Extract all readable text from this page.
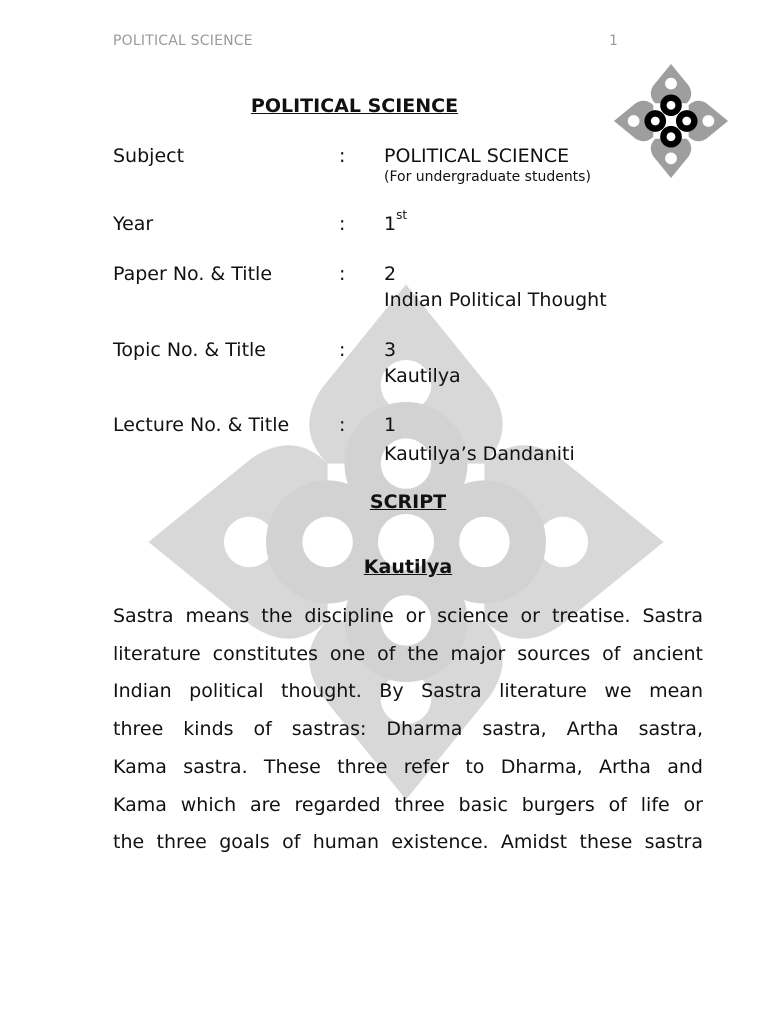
POLITICAL SCIENCE	1
POLITICAL SCIENCE
Subject	: POLITICAL SCIENCE
(For undergraduate students)
Year	: 1st
Paper No. & Title	: 2
Indian Political Thought
Topic No. & Title	: 3
Kautilya
Lecture No. & Title	: 1
Kautilya’s Dandaniti
SCRIPT
Kautilya
Sastra means the discipline or science or treatise. Sastra
literature constitutes one of the major sources of ancient
Indian political thought. By Sastra literature we mean
three kinds of sastras: Dharma sastra, Artha sastra,
Kama sastra. These three refer to Dharma, Artha and
Kama which are regarded three basic burgers of life or
the three goals of human existence. Amidst these sastra
